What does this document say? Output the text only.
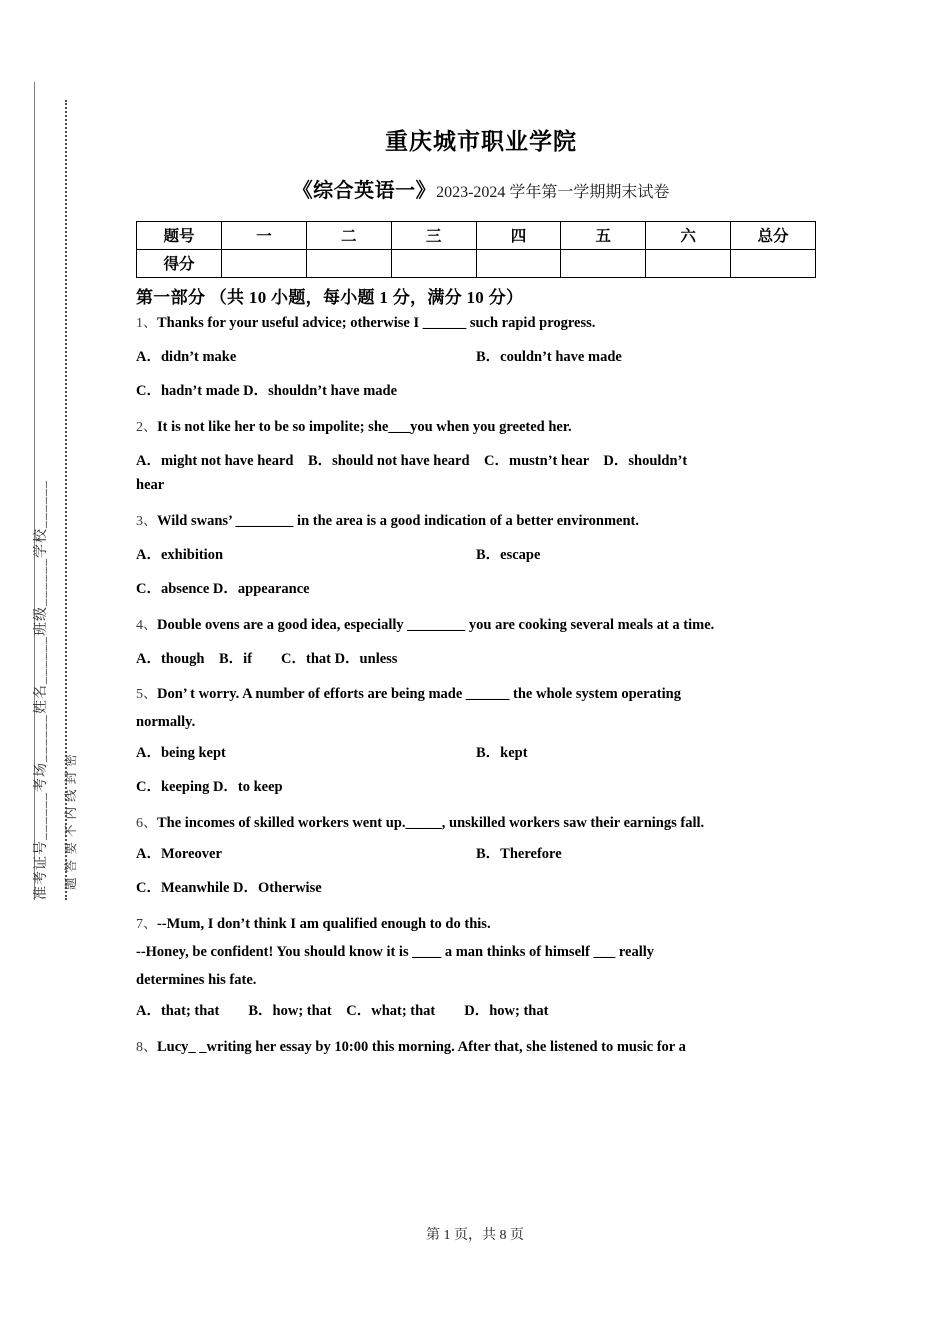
准考证号______考场______姓名______班级______学校______ 题 答 要 不 内 线 封 密
重庆城市职业学院
《综合英语一》2023-2024 学年第一学期期末试卷
题号	一	二	三	四	五	六	总分
得分							
第一部分 （共 10 小题，每小题 1 分，满分 10 分）
1、Thanks for your useful advice; otherwise I ______ such rapid progress.
A．didn’t make	B．couldn’t have made
C．hadn’t made D．shouldn’t have made
2、It is not like her to be so impolite; she___you when you greeted her.
A．might not have heard　B．should not have heard　C．mustn’t hear　D．shouldn’t
hear
3、Wild swans’ ________ in the area is a good indication of a better environment.
A．exhibition	B．escape
C．absence D．appearance
4、Double ovens are a good idea, especially ________ you are cooking several meals at a time.
A．though　B．if　　C．that D．unless
5、Don’ t worry. A number of efforts are being made ______ the whole system operating
normally.
A．being kept	B．kept
C．keeping D．to keep
6、The incomes of skilled workers went up._____, unskilled workers saw their earnings fall.
A．Moreover	B．Therefore
C．Meanwhile D．Otherwise
7、--Mum, I don’t think I am qualified enough to do this.
--Honey, be confident! You should know it is ____ a man thinks of himself ___ really
determines his fate.
A．that; that　　B．how; that　C．what; that　　D．how; that
8、Lucy_ _writing her essay by 10:00 this morning. After that, she listened to music for a
第 1 页，共 8 页
